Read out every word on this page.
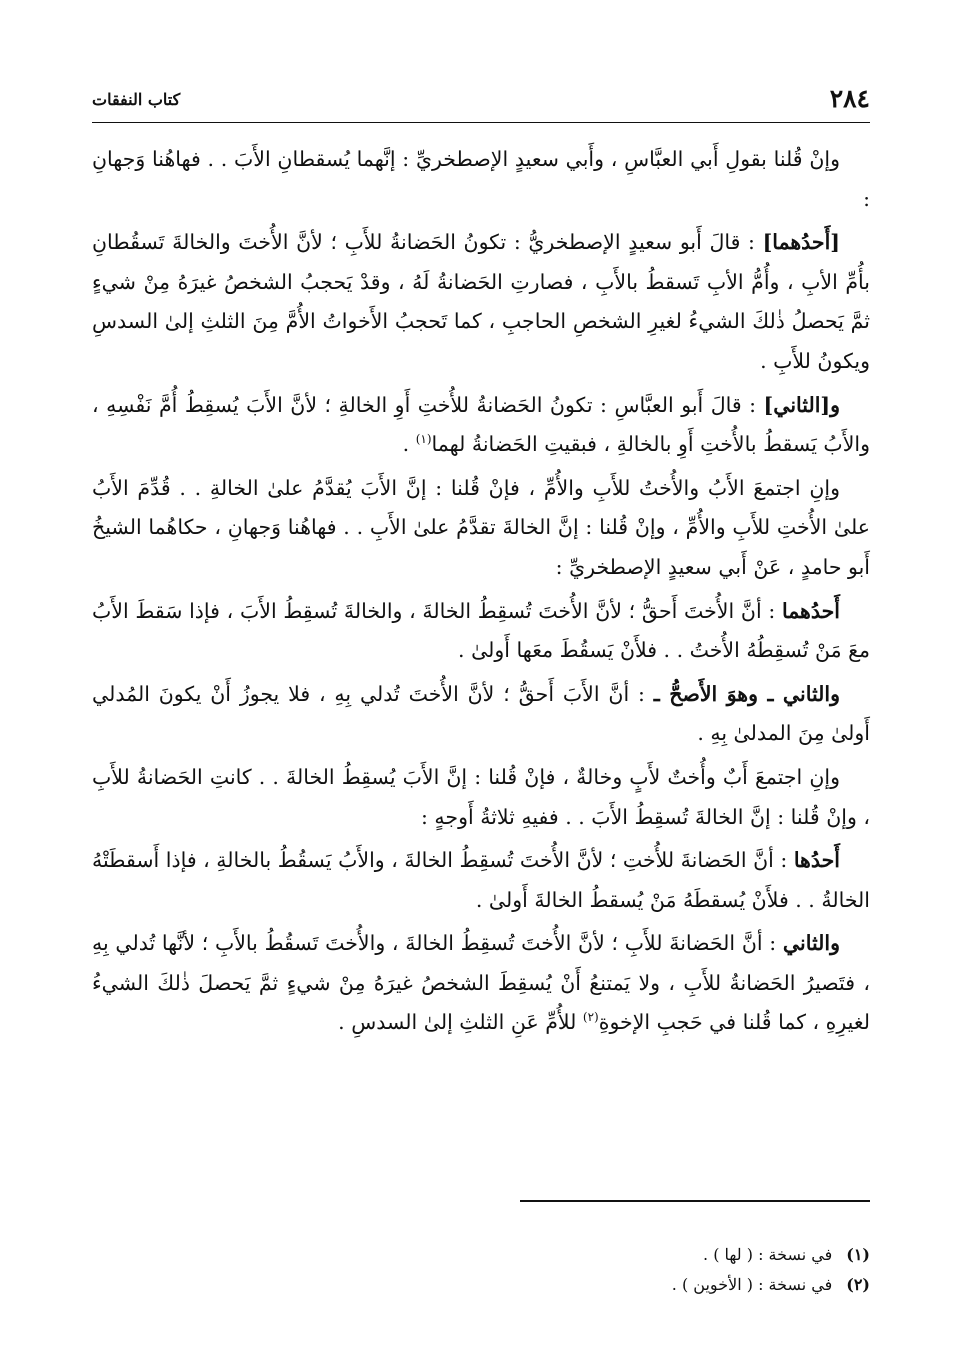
٢٨٤
كتاب النفقات

وإنْ قُلنا بقولِ أَبي العبَّاسِ ، وأَبي سعيدٍ الإصطخريِّ : إنَّهما يُسقطانِ الأَبَ . . فهاهُنا وَجهانِ :

[أَحدُهما] : قالَ أَبو سعيدٍ الإصطخريُّ : تكونُ الحَضانةُ للأَبِ ؛ لأنَّ الأُختَ والخالةَ تَسقُطانِ بأُمِّ الأبِ ، وأُمُّ الأبِ تَسقطُ بالأَبِ ، فصارتِ الحَضانةُ لَهُ ، وقدْ يَحجبُ الشخصُ غيرَهُ مِنْ شيءٍ ثمَّ يَحصلُ ذٰلكَ الشيءُ لغيرِ الشخصِ الحاجبِ ، كما تَحجبُ الأَخواتُ الأُمَّ مِنَ الثلثِ إلىٰ السدسِ ويكونُ للأَبِ .

و[الثاني] : قالَ أَبو العبَّاسِ : تكونُ الحَضانةُ للأُختِ أَوِ الخالةِ ؛ لأنَّ الأَبَ يُسقِطُ أُمَّ نَفْسِهِ ، والأَبُ يَسقطُ بالأُختِ أَوِ بالخالةِ ، فبقيتِ الحَضانةُ لهما$^{(١)}$ .

وإنِ اجتمعَ الأَبُ والأُختُ للأَبِ والأُمِّ ، فإنْ قُلنا : إنَّ الأَبَ يُقدَّمُ علىٰ الخالةِ . . قُدِّمَ الأَبُ علىٰ الأُختِ للأَبِ والأُمِّ ، وإنْ قُلنا : إنَّ الخالةَ تقدَّمُ علىٰ الأَبِ . . فهاهُنا وَجهانِ ، حكاهُما الشيخُ أَبو حامدٍ ، عَنْ أَبي سعيدٍ الإصطخريِّ :

أَحدُهما : أنَّ الأُختَ أَحقُّ ؛ لأنَّ الأُختَ تُسقِطُ الخالةَ ، والخالةَ تُسقِطُ الأَبَ ، فإذا سَقطَ الأَبُ معَ مَنْ تُسقِطُهُ الأُختُ . . فلأَنْ يَسقُطَ معَها أَولىٰ .

والثاني ـ وهوَ الأَصحُّ ـ : أنَّ الأَبَ أَحقُّ ؛ لأنَّ الأُختَ تُدلي بِهِ ، فلا يجوزُ أَنْ يكونَ المُدلي أَولىٰ مِنَ المدلىٰ بِهِ .

وإنِ اجتمعَ أَبٌ وأُختٌ لأَبٍ وخالةٌ ، فإنْ قُلنا : إنَّ الأَبَ يُسقِطُ الخالةَ . . كانتِ الحَضانةُ للأَبِ ، وإنْ قُلنا : إنَّ الخالةَ تُسقِطُ الأَبَ . . ففيهِ ثلاثةُ أَوجهٍ :

أَحدُها : أنَّ الحَضانةَ للأُختِ ؛ لأنَّ الأُختَ تُسقِطُ الخالةَ ، والأَبُ يَسقُطُ بالخالةِ ، فإذا أَسقطَتْهُ الخالةُ . . فلأَنْ يُسقطَهُ مَنْ يُسقطُ الخالةَ أَولىٰ .

والثاني : أنَّ الحَضانةَ للأَبِ ؛ لأنَّ الأُختَ تُسقِطُ الخالةَ ، والأُختَ تَسقُطُ بالأَبِ ؛ لأنَّها تُدلي بِهِ ، فتَصيرُ الحَضانةُ للأَبِ ، ولا يَمتنعُ أَنْ يُسقِطَ الشخصُ غيرَهُ مِنْ شيءٍ ثمَّ يَحصلَ ذٰلكَ الشيءُ لغيرِهِ ، كما قُلنا في حَجبِ الإخوةِ$^{(٢)}$ للأُمِّ عَنِ الثلثِ إلىٰ السدسِ .

(١)
في نسخة : ( لها ) .
(٢)
في نسخة : ( الأخوين ) .
